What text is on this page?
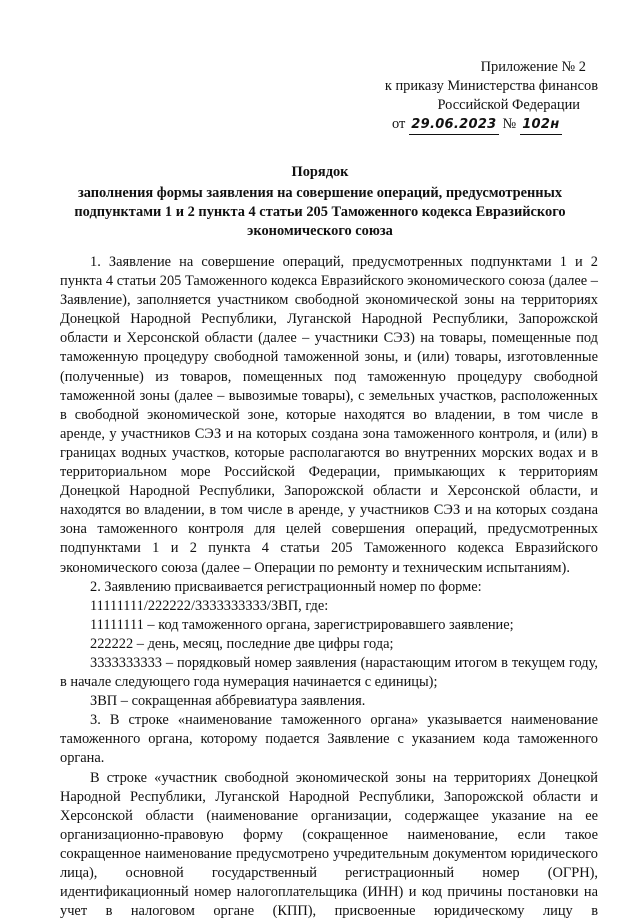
Приложение № 2
к приказу Министерства финансов
Российской Федерации
от 29.06.2023 № 102н
Порядок
заполнения формы заявления на совершение операций, предусмотренных подпунктами 1 и 2 пункта 4 статьи 205 Таможенного кодекса Евразийского экономического союза

1. Заявление на совершение операций, предусмотренных подпунктами 1 и 2 пункта 4 статьи 205 Таможенного кодекса Евразийского экономического союза (далее – Заявление), заполняется участником свободной экономической зоны на территориях Донецкой Народной Республики, Луганской Народной Республики, Запорожской области и Херсонской области (далее – участники СЭЗ) на товары, помещенные под таможенную процедуру свободной таможенной зоны, и (или) товары, изготовленные (полученные) из товаров, помещенных под таможенную процедуру свободной таможенной зоны (далее – вывозимые товары), с земельных участков, расположенных в свободной экономической зоне, которые находятся во владении, в том числе в аренде, у участников СЭЗ и на которых создана зона таможенного контроля, и (или) в границах водных участков, которые располагаются во внутренних морских водах и в территориальном море Российской Федерации, примыкающих к территориям Донецкой Народной Республики, Запорожской области и Херсонской области, и находятся во владении, в том числе в аренде, у участников СЭЗ и на которых создана зона таможенного контроля для целей совершения операций, предусмотренных подпунктами 1 и 2 пункта 4 статьи 205 Таможенного кодекса Евразийского экономического союза (далее – Операции по ремонту и техническим испытаниям).

2. Заявлению присваивается регистрационный номер по форме:

11111111/222222/3333333333/ЗВП, где:

11111111 – код таможенного органа, зарегистрировавшего заявление;

222222 – день, месяц, последние две цифры года;

3333333333 – порядковый номер заявления (нарастающим итогом в текущем году, в начале следующего года нумерация начинается с единицы);

ЗВП – сокращенная аббревиатура заявления.

3. В строке «наименование таможенного органа» указывается наименование таможенного органа, которому подается Заявление с указанием кода таможенного органа.

В строке «участник свободной экономической зоны на территориях Донецкой Народной Республики, Луганской Народной Республики, Запорожской области и Херсонской области (наименование организации, содержащее указание на ее организационно-правовую форму (сокращенное наименование, если такое сокращенное наименование предусмотрено учредительным документом юридического лица), основной государственный регистрационный номер (ОГРН), идентификационный номер налогоплательщика (ИНН) и код причины постановки на учет в налоговом органе (КПП), присвоенные юридическому лицу в
